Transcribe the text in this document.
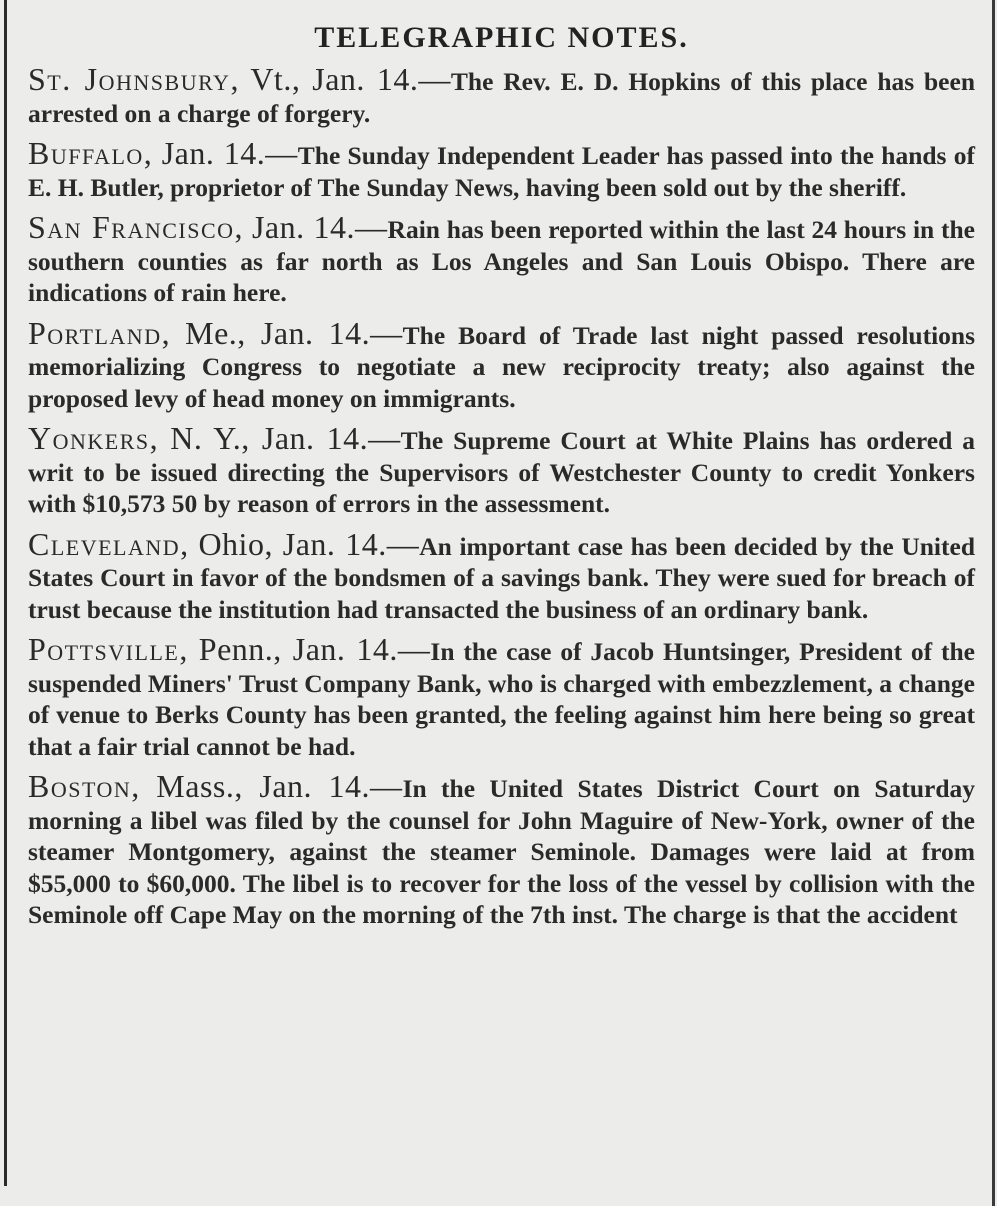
TELEGRAPHIC NOTES.

St. Johnsbury, Vt., Jan. 14.—The Rev. E. D. Hopkins of this place has been arrested on a charge of forgery.

Buffalo, Jan. 14.—The Sunday Independent Leader has passed into the hands of E. H. Butler, proprietor of The Sunday News, having been sold out by the sheriff.

San Francisco, Jan. 14.—Rain has been reported within the last 24 hours in the southern counties as far north as Los Angeles and San Louis Obispo. There are indications of rain here.

Portland, Me., Jan. 14.—The Board of Trade last night passed resolutions memorializing Congress to negotiate a new reciprocity treaty; also against the proposed levy of head money on immigrants.

Yonkers, N. Y., Jan. 14.—The Supreme Court at White Plains has ordered a writ to be issued directing the Supervisors of Westchester County to credit Yonkers with $10,573 50 by reason of errors in the assessment.

Cleveland, Ohio, Jan. 14.—An important case has been decided by the United States Court in favor of the bondsmen of a savings bank. They were sued for breach of trust because the institution had transacted the business of an ordinary bank.

Pottsville, Penn., Jan. 14.—In the case of Jacob Huntsinger, President of the suspended Miners' Trust Company Bank, who is charged with embezzlement, a change of venue to Berks County has been granted, the feeling against him here being so great that a fair trial cannot be had.

Boston, Mass., Jan. 14.—In the United States District Court on Saturday morning a libel was filed by the counsel for John Maguire of New-York, owner of the steamer Montgomery, against the steamer Seminole. Damages were laid at from $55,000 to $60,000. The libel is to recover for the loss of the vessel by collision with the Seminole off Cape May on the morning of the 7th inst. The charge is that the accident
